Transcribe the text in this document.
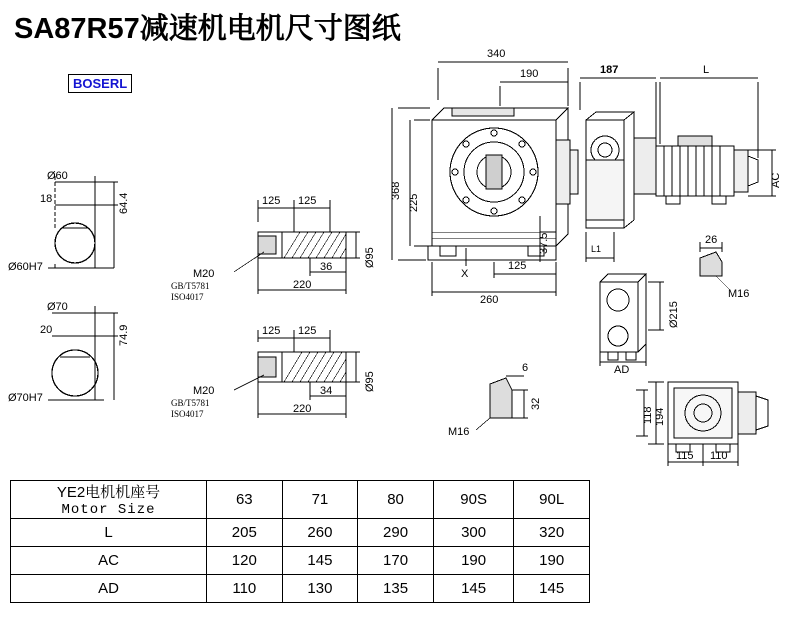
SA87R57减速机电机尺寸图纸
BOSERL
Ø60
18	64.4
Ø60H7
Ø70
20	74.9
Ø70H7
125 125
36
220
Ø95
M20
GB/T5781
ISO4017
125 125
34
220
Ø95
M20
GB/T5781
ISO4017
340
190	187	L
368
225
37.5
260
125
X
AC
L1
Ø215
AD
26
M16
6
32
M16
194
118
115 110
YE2电机机座号
Motor Size	63	71	80	90S	90L
L	205	260	290	300	320
AC	120	145	170	190	190
AD	110	130	135	145	145
